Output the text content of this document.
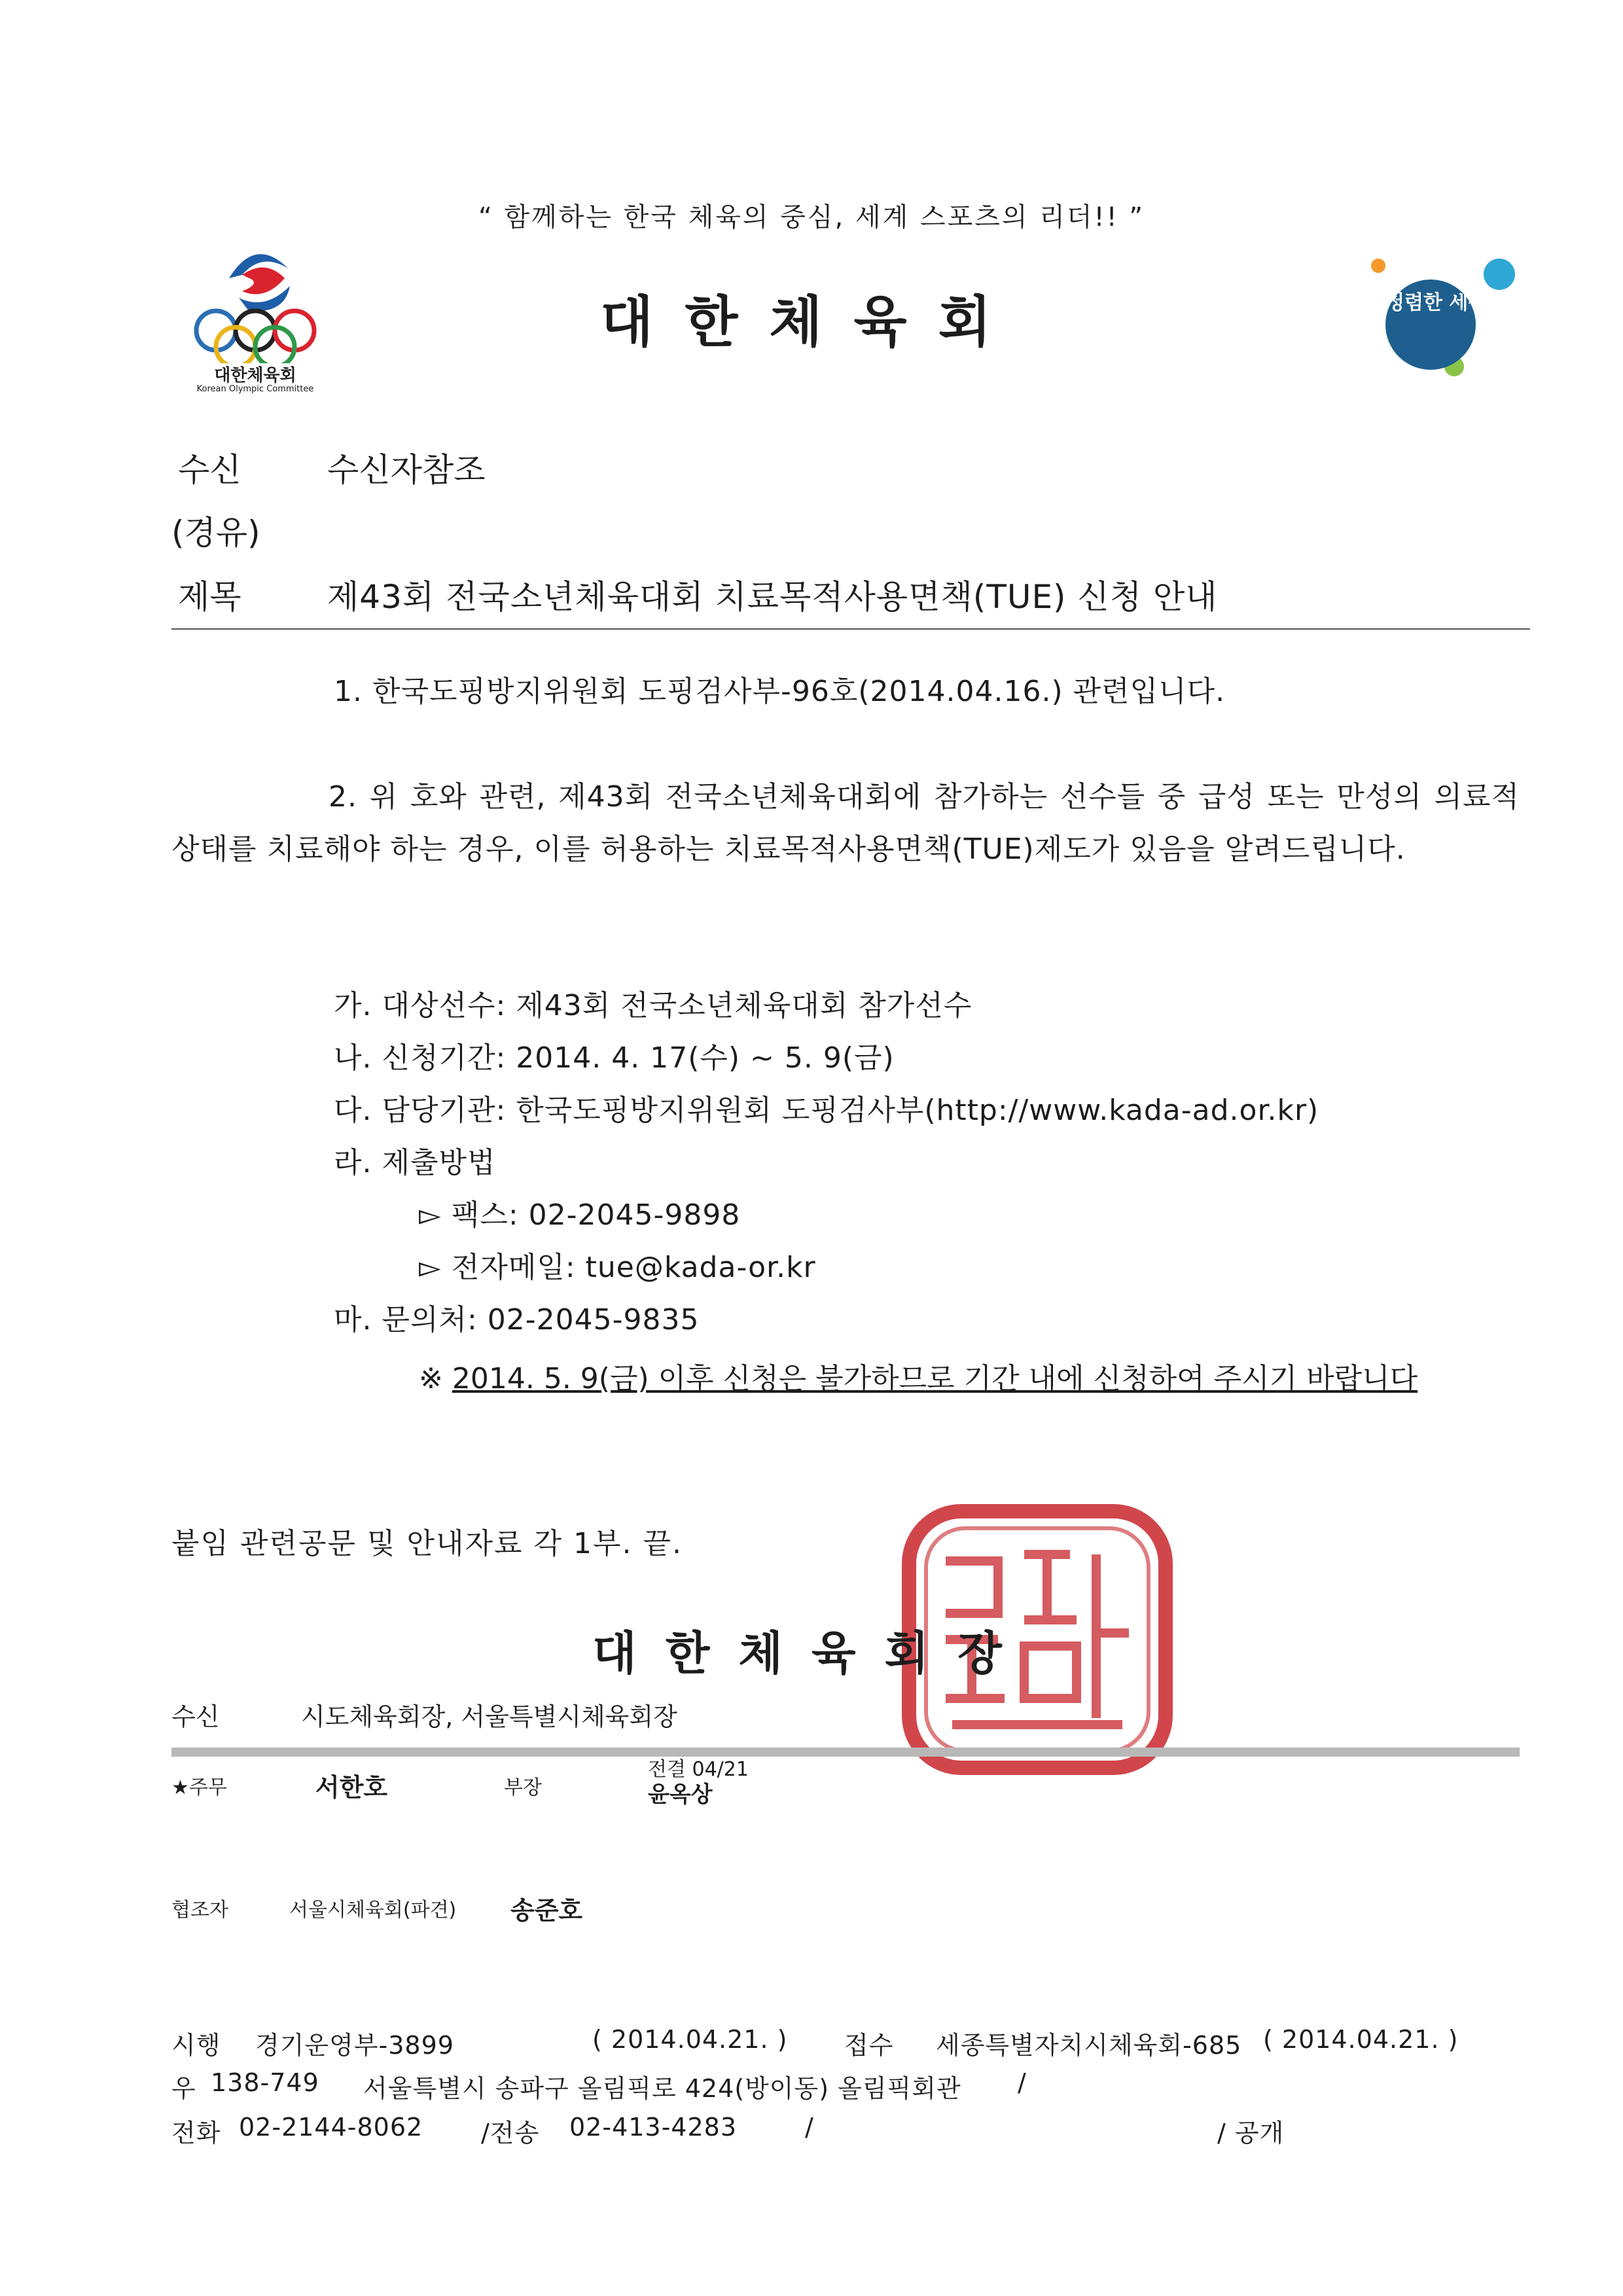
“ 함께하는 한국 체육의 중심, 세계 스포츠의 리더!! ”
대한체육회
Korean Olympic Committee
대한체육회	청렴한 세상
수신	수신자참조
(경유)
제목	제43회 전국소년체육대회 치료목적사용면책(TUE) 신청 안내
1. 한국도핑방지위원회 도핑검사부-96호(2014.04.16.) 관련입니다.
2. 위 호와 관련, 제43회 전국소년체육대회에 참가하는 선수들 중 급성 또는 만성의 의료적 상태를 치료해야 하는 경우, 이를 허용하는 치료목적사용면책(TUE)제도가 있음을 알려드립니다.
가. 대상선수: 제43회 전국소년체육대회 참가선수
나. 신청기간: 2014. 4. 17(수) ~ 5. 9(금)
다. 담당기관: 한국도핑방지위원회 도핑검사부(http://www.kada-ad.or.kr)
라. 제출방법
▻ 팩스: 02-2045-9898
▻ 전자메일: tue@kada-or.kr
마. 문의처: 02-2045-9835
※ 2014. 5. 9(금) 이후 신청은 불가하므로 기간 내에 신청하여 주시기 바랍니다
붙임 관련공문 및 안내자료 각 1부. 끝.
대한체육회장
수신	시도체육회장, 서울특별시체육회장
★주무	서한호	부장
전결 04/21
윤옥상
협조자	서울시체육회(파견) 송준호
시행 경기운영부-3899	( 2014.04.21. ) 접수 세종특별자치시체육회-685 ( 2014.04.21. )
우 138-749 서울특별시 송파구 올림픽로 424(방이동) 올림픽회관 /
전화 02-2144-8062 /전송 02-413-4283	/	/ 공개
